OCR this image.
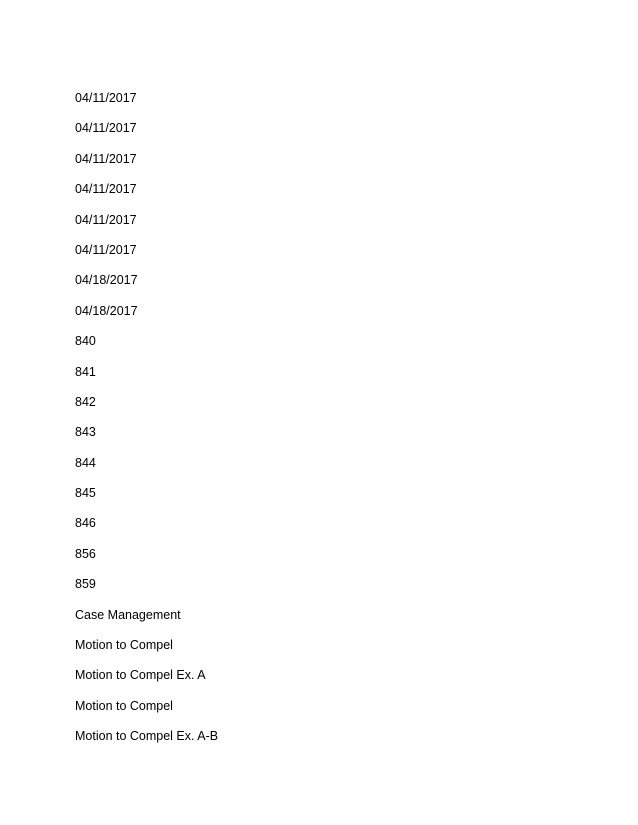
04/11/2017
04/11/2017
04/11/2017
04/11/2017
04/11/2017
04/11/2017
04/18/2017
04/18/2017
840
841
842
843
844
845
846
856
859
Case Management
Motion to Compel
Motion to Compel Ex. A
Motion to Compel
Motion to Compel Ex. A-B
